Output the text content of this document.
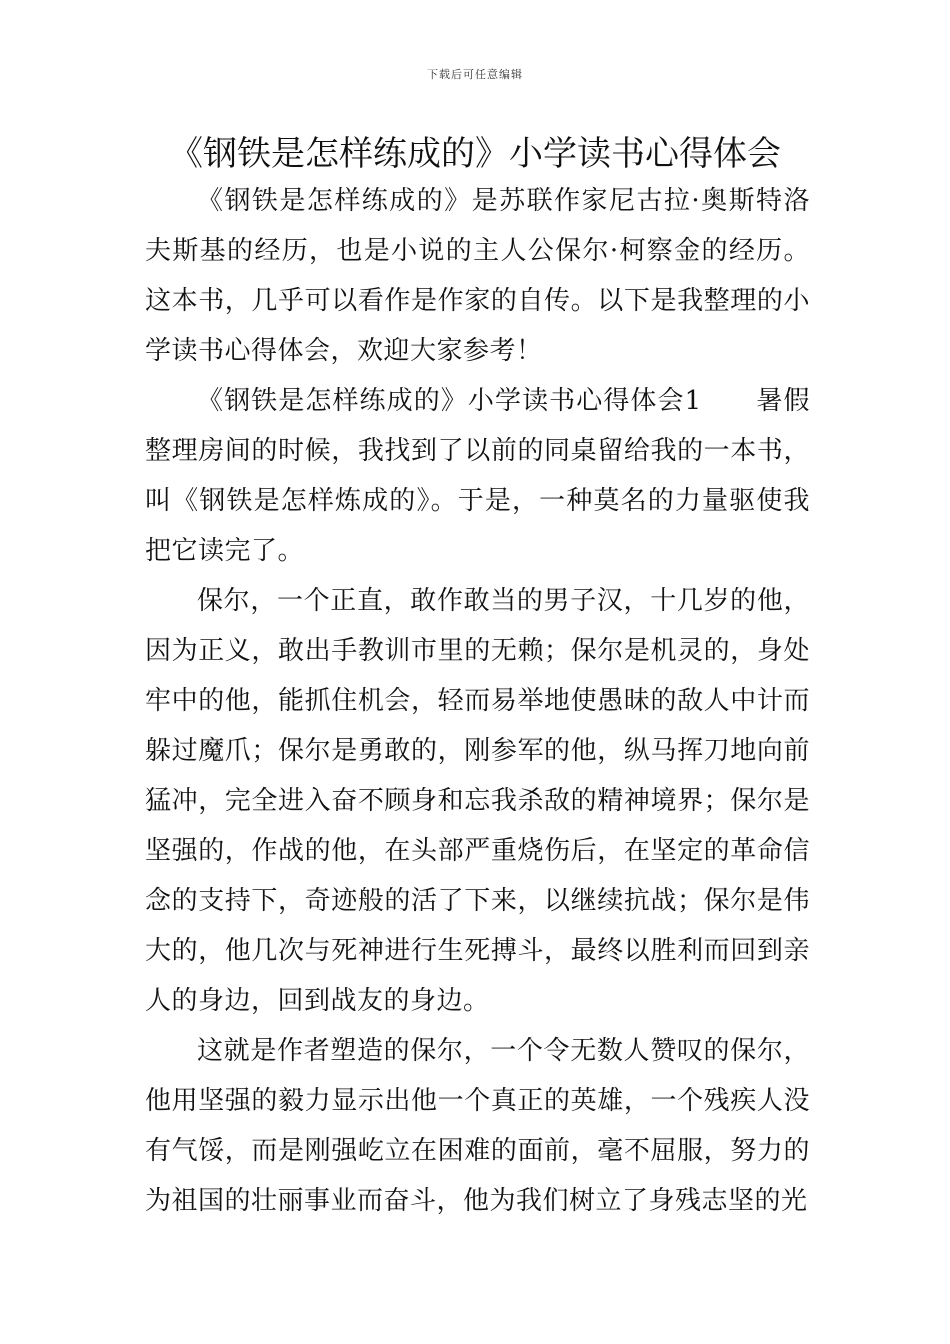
下载后可任意编辑
《钢铁是怎样练成的》小学读书心得体会

《钢铁是怎样练成的》是苏联作家尼古拉·奥斯特洛夫斯基的经历，也是小说的主人公保尔·柯察金的经历。这本书，几乎可以看作是作家的自传。以下是我整理的小学读书心得体会，欢迎大家参考！

《钢铁是怎样练成的》小学读书心得体会1　　暑假整理房间的时候，我找到了以前的同桌留给我的一本书，叫《钢铁是怎样炼成的》。于是，一种莫名的力量驱使我把它读完了。

保尔，一个正直，敢作敢当的男子汉，十几岁的他，因为正义，敢出手教训市里的无赖；保尔是机灵的，身处牢中的他，能抓住机会，轻而易举地使愚昧的敌人中计而躲过魔爪；保尔是勇敢的，刚参军的他，纵马挥刀地向前猛冲，完全进入奋不顾身和忘我杀敌的精神境界；保尔是坚强的，作战的他，在头部严重烧伤后，在坚定的革命信念的支持下，奇迹般的活了下来，以继续抗战；保尔是伟大的，他几次与死神进行生死搏斗，最终以胜利而回到亲人的身边，回到战友的身边。

这就是作者塑造的保尔，一个令无数人赞叹的保尔，他用坚强的毅力显示出他一个真正的英雄，一个残疾人没有气馁，而是刚强屹立在困难的面前，毫不屈服，努力的为祖国的壮丽事业而奋斗，他为我们树立了身残志坚的光
